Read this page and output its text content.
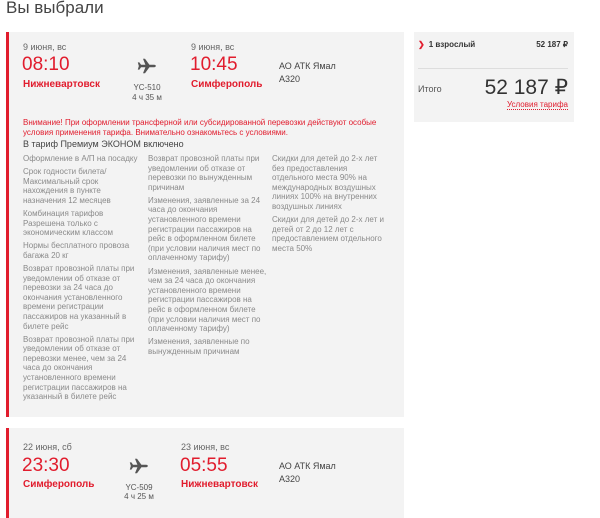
Вы выбрали
9 июня, вс
08:10
Нижневартовск	YC-510
4 ч 35 м
9 июня, вс
10:45
Симферополь
АО АТК Ямал
A320
Внимание! При оформлении трансферной или субсидированной перевозки действуют особые условия применения тарифа. Внимательно ознакомьтесь с условиями.
В тариф Премиум ЭКОНОМ включено
Оформление в А/П на посадку
Срок годности билета/ Максимальный срок нахождения в пункте назначения 12 месяцев
Комбинация тарифов Разрешена только с экономическим классом
Нормы бесплатного провоза багажа 20 кг
Возврат провозной платы при уведомлении об отказе от перевозки за 24 часа до окончания установленного времени регистрации пассажиров на указанный в билете рейс
Возврат провозной платы при уведомлении об отказе от перевозки менее, чем за 24 часа до окончания установленного времени регистрации пассажиров на указанный в билете рейс
Возврат провозной платы при уведомлении об отказе от перевозки по вынужденным причинам
Изменения, заявленные за 24 часа до окончания установленного времени регистрации пассажиров на рейс в оформленном билете (при условии наличия мест по оплаченному тарифу)
Изменения, заявленные менее, чем за 24 часа до окончания установленного времени регистрации пассажиров на рейс в оформленном билете (при условии наличия мест по оплаченному тарифу)
Изменения, заявленные по вынужденным причинам
Скидки для детей до 2-х лет без предоставления отдельного места 90% на международных воздушных линиях 100% на внутренних воздушных линиях
Скидки для детей до 2-х лет и детей от 2 до 12 лет с предоставлением отдельного места 50%
22 июня, сб
23:30
Симферополь	YC-509
4 ч 25 м
23 июня, вс
05:55
Нижневартовск
АО АТК Ямал
A320
❯ 1 взрослый	52 187 ₽
Итого 52 187 ₽
Условия тарифа
